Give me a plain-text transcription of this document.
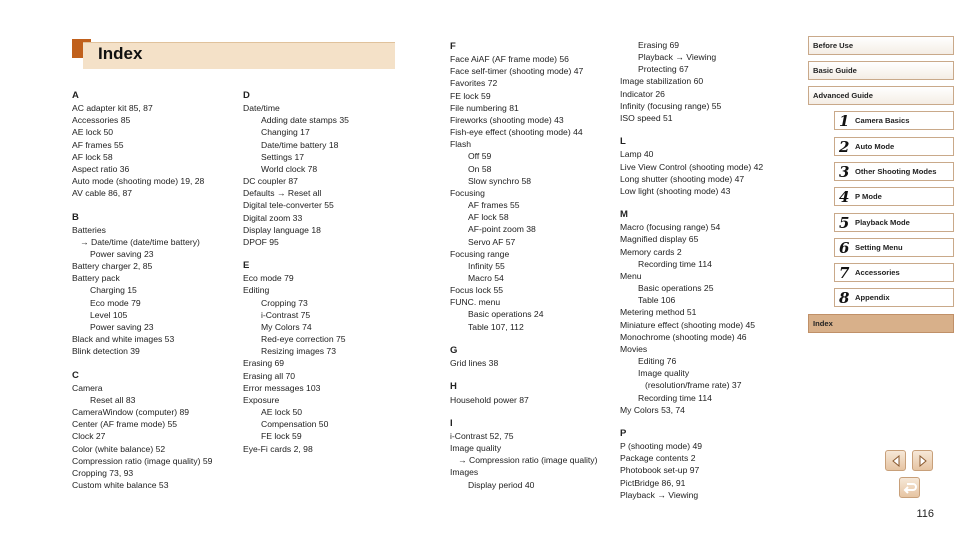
Index
A
AC adapter kit 85, 87
Accessories 85
AE lock 50
AF frames 55
AF lock 58
Aspect ratio 36
Auto mode (shooting mode) 19, 28
AV cable 86, 87
B
Batteries
→ Date/time (date/time battery)
Power saving 23
Battery charger 2, 85
Battery pack
Charging 15
Eco mode 79
Level 105
Power saving 23
Black and white images 53
Blink detection 39
C
Camera
Reset all 83
CameraWindow (computer) 89
Center (AF frame mode) 55
Clock 27
Color (white balance) 52
Compression ratio (image quality) 59
Cropping 73, 93
Custom white balance 53
D
Date/time
Adding date stamps 35
Changing 17
Date/time battery 18
Settings 17
World clock 78
DC coupler 87
Defaults → Reset all
Digital tele-converter 55
Digital zoom 33
Display language 18
DPOF 95
E
Eco mode 79
Editing
Cropping 73
i-Contrast 75
My Colors 74
Red-eye correction 75
Resizing images 73
Erasing 69
Erasing all 70
Error messages 103
Exposure
AE lock 50
Compensation 50
FE lock 59
Eye-Fi cards 2, 98
F
Face AiAF (AF frame mode) 56
Face self-timer (shooting mode) 47
Favorites 72
FE lock 59
File numbering 81
Fireworks (shooting mode) 43
Fish-eye effect (shooting mode) 44
Flash
Off 59
On 58
Slow synchro 58
Focusing
AF frames 55
AF lock 58
AF-point zoom 38
Servo AF 57
Focusing range
Infinity 55
Macro 54
Focus lock 55
FUNC. menu
Basic operations 24
Table 107, 112
G
Grid lines 38
H
Household power 87
I
i-Contrast 52, 75
Image quality
→ Compression ratio (image quality)
Images
Display period 40
Erasing 69
Playback → Viewing
Protecting 67
Image stabilization 60
Indicator 26
Infinity (focusing range) 55
ISO speed 51
L
Lamp 40
Live View Control (shooting mode) 42
Long shutter (shooting mode) 47
Low light (shooting mode) 43
M
Macro (focusing range) 54
Magnified display 65
Memory cards 2
Recording time 114
Menu
Basic operations 25
Table 106
Metering method 51
Miniature effect (shooting mode) 45
Monochrome (shooting mode) 46
Movies
Editing 76
Image quality
(resolution/frame rate) 37
Recording time 114
My Colors 53, 74
P
P (shooting mode) 49
Package contents 2
Photobook set-up 97
PictBridge 86, 91
Playback → Viewing
Before Use
Basic Guide
Advanced Guide
1 Camera Basics
2 Auto Mode
3 Other Shooting Modes
4 P Mode
5 Playback Mode
6 Setting Menu
7 Accessories
8 Appendix
Index
116
